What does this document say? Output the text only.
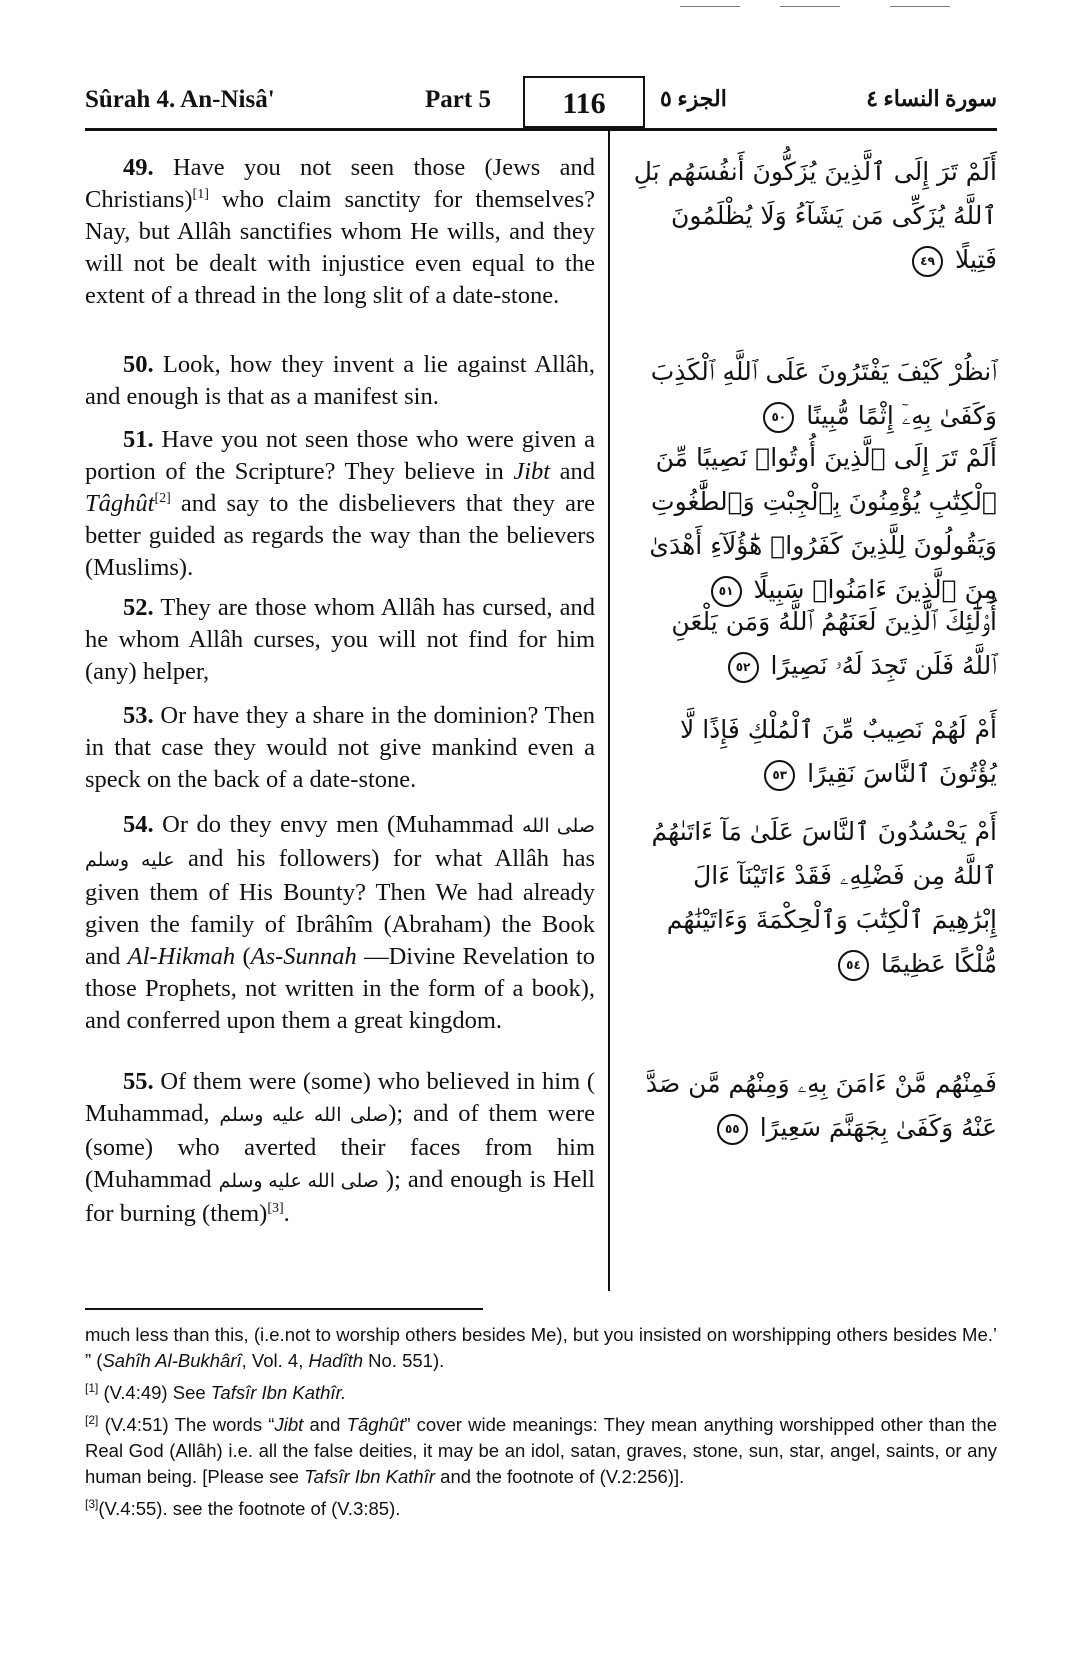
Sûrah 4. An-Nisâ'	Part 5	116	الجزء ٥	سورة النساء ٤
49. Have you not seen those (Jews and Christians)[1] who claim sanctity for themselves? Nay, but Allâh sanctifies whom He wills, and they will not be dealt with injustice even equal to the extent of a thread in the long slit of a date-stone.
أَلَمْ تَرَ إِلَى ٱلَّذِينَ يُزَكُّونَ أَنفُسَهُم بَلِ ٱللَّهُ يُزَكِّى مَن يَشَآءُ وَلَا يُظْلَمُونَ فَتِيلًا ٤٩
50. Look, how they invent a lie against Allâh, and enough is that as a manifest sin.
ٱنظُرْ كَيْفَ يَفْتَرُونَ عَلَى ٱللَّهِ ٱلْكَذِبَ وَكَفَىٰ بِهِۦٓ إِثْمًا مُّبِينًا ٥٠
51. Have you not seen those who were given a portion of the Scripture? They believe in Jibt and Tâghût[2] and say to the disbelievers that they are better guided as regards the way than the believers (Muslims).
أَلَمْ تَرَ إِلَى ٱلَّذِينَ أُوتُوا۟ نَصِيبًا مِّنَ ٱلْكِتَٰبِ يُؤْمِنُونَ بِٱلْجِبْتِ وَٱلطَّٰغُوتِ وَيَقُولُونَ لِلَّذِينَ كَفَرُوا۟ هَٰٓؤُلَآءِ أَهْدَىٰ مِنَ ٱلَّذِينَ ءَامَنُوا۟ سَبِيلًا ٥١
52. They are those whom Allâh has cursed, and he whom Allâh curses, you will not find for him (any) helper,
أُو۟لَٰٓئِكَ ٱلَّذِينَ لَعَنَهُمُ ٱللَّهُ وَمَن يَلْعَنِ ٱللَّهُ فَلَن تَجِدَ لَهُۥ نَصِيرًا ٥٢
53. Or have they a share in the dominion? Then in that case they would not give mankind even a speck on the back of a date-stone.
أَمْ لَهُمْ نَصِيبٌ مِّنَ ٱلْمُلْكِ فَإِذًا لَّا يُؤْتُونَ ٱلنَّاسَ نَقِيرًا ٥٣
54. Or do they envy men (Muhammad صلى الله عليه وسلم and his followers) for what Allâh has given them of His Bounty? Then We had already given the family of Ibrâhîm (Abraham) the Book and Al-Hikmah (As-Sunnah —Divine Revelation to those Prophets, not written in the form of a book), and conferred upon them a great kingdom.
أَمْ يَحْسُدُونَ ٱلنَّاسَ عَلَىٰ مَآ ءَاتَىٰهُمُ ٱللَّهُ مِن فَضْلِهِۦ فَقَدْ ءَاتَيْنَآ ءَالَ إِبْرَٰهِيمَ ٱلْكِتَٰبَ وَٱلْحِكْمَةَ وَءَاتَيْنَٰهُم مُّلْكًا عَظِيمًا ٥٤
55. Of them were (some) who believed in him ( Muhammad, صلى الله عليه وسلم); and of them were (some) who averted their faces from him (Muhammad صلى الله عليه وسلم ); and enough is Hell for burning (them)[3].
فَمِنْهُم مَّنْ ءَامَنَ بِهِۦ وَمِنْهُم مَّن صَدَّ عَنْهُ وَكَفَىٰ بِجَهَنَّمَ سَعِيرًا ٥٥

much less than this, (i.e.not to worship others besides Me), but you insisted on worshipping others besides Me.’ ” (Sahîh Al-Bukhârî, Vol. 4, Hadîth No. 551).

[1] (V.4:49) See Tafsîr Ibn Kathîr.

[2] (V.4:51) The words “Jibt and Tâghût” cover wide meanings: They mean anything worshipped other than the Real God (Allâh) i.e. all the false deities, it may be an idol, satan, graves, stone, sun, star, angel, saints, or any human being. [Please see Tafsîr Ibn Kathîr and the footnote of (V.2:256)].

[3](V.4:55). see the footnote of (V.3:85).
